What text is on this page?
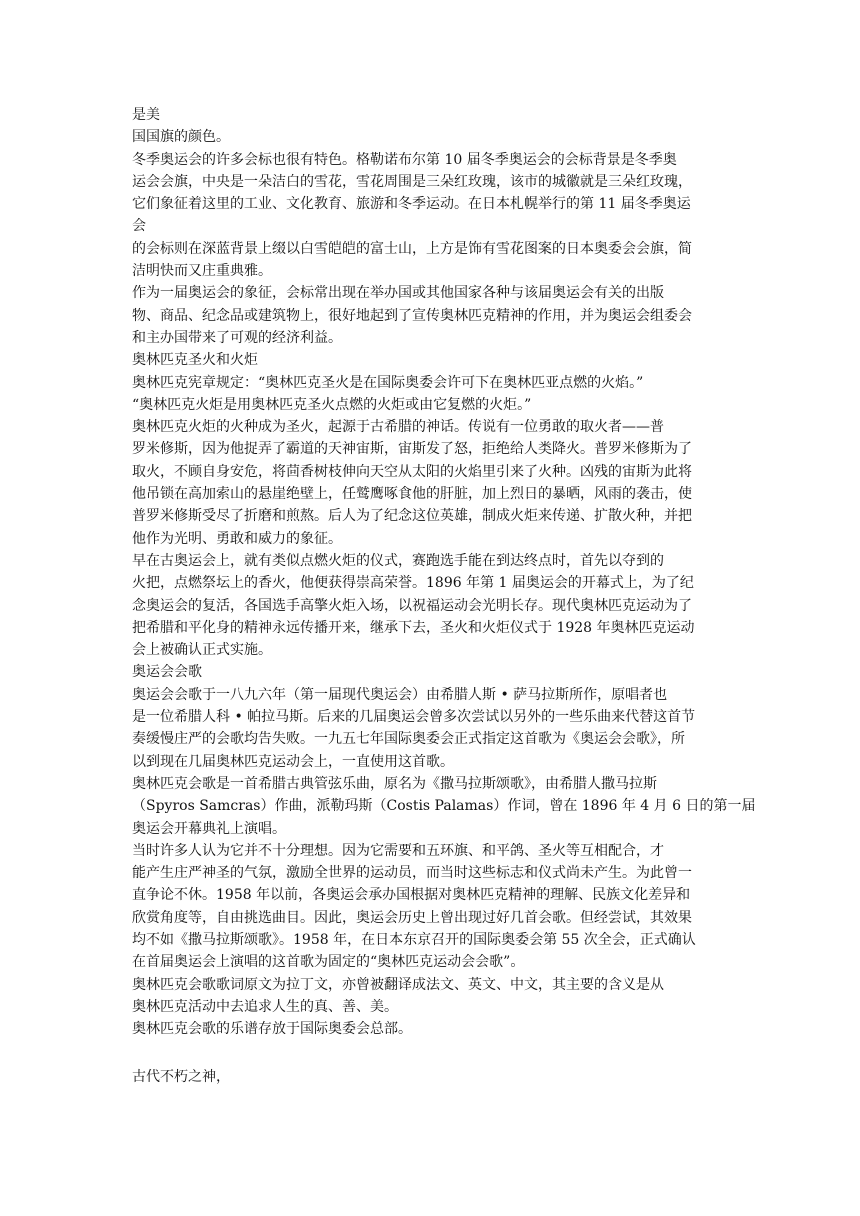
是美
国国旗的颜色。
冬季奥运会的许多会标也很有特色。格勒诺布尔第 10 届冬季奥运会的会标背景是冬季奥
运会会旗，中央是一朵洁白的雪花，雪花周围是三朵红玫瑰，该市的城徽就是三朵红玫瑰，
它们象征着这里的工业、文化教育、旅游和冬季运动。在日本札幌举行的第 11 届冬季奥运
会
的会标则在深蓝背景上缀以白雪皑皑的富士山，上方是饰有雪花图案的日本奥委会会旗，简
洁明快而又庄重典雅。
作为一届奥运会的象征，会标常出现在举办国或其他国家各种与该届奥运会有关的出版
物、商品、纪念品或建筑物上，很好地起到了宣传奥林匹克精神的作用，并为奥运会组委会
和主办国带来了可观的经济利益。
奥林匹克圣火和火炬
奥林匹克宪章规定：“奥林匹克圣火是在国际奥委会许可下在奥林匹亚点燃的火焰。”
“奥林匹克火炬是用奥林匹克圣火点燃的火炬或由它复燃的火炬。”
奥林匹克火炬的火种成为圣火，起源于古希腊的神话。传说有一位勇敢的取火者——普
罗米修斯，因为他捉弄了霸道的天神宙斯，宙斯发了怒，拒绝给人类降火。普罗米修斯为了
取火，不顾自身安危，将茴香树枝伸向天空从太阳的火焰里引来了火种。凶残的宙斯为此将
他吊锁在高加索山的悬崖绝壁上，任鹫鹰啄食他的肝脏，加上烈日的暴晒，风雨的袭击，使
普罗米修斯受尽了折磨和煎熬。后人为了纪念这位英雄，制成火炬来传递、扩散火种，并把
他作为光明、勇敢和威力的象征。
早在古奥运会上，就有类似点燃火炬的仪式，赛跑选手能在到达终点时，首先以夺到的
火把，点燃祭坛上的香火，他便获得崇高荣誉。1896 年第 1 届奥运会的开幕式上，为了纪
念奥运会的复活，各国选手高擎火炬入场，以祝福运动会光明长存。现代奥林匹克运动为了
把希腊和平化身的精神永远传播开来，继承下去，圣火和火炬仪式于 1928 年奥林匹克运动
会上被确认正式实施。
奥运会会歌
奥运会会歌于一八九六年（第一届现代奥运会）由希腊人斯 • 萨马拉斯所作，原唱者也
是一位希腊人科 • 帕拉马斯。后来的几届奥运会曾多次尝试以另外的一些乐曲来代替这首节
奏缓慢庄严的会歌均告失败。一九五七年国际奥委会正式指定这首歌为《奥运会会歌》，所
以到现在几届奥林匹克运动会上，一直使用这首歌。
奥林匹克会歌是一首希腊古典管弦乐曲，原名为《撒马拉斯颂歌》，由希腊人撒马拉斯
（Spyros Samcras）作曲，派勒玛斯（Costis Palamas）作词，曾在 1896 年 4 月 6 日的第一届
奥运会开幕典礼上演唱。
当时许多人认为它并不十分理想。因为它需要和五环旗、和平鸽、圣火等互相配合，才
能产生庄严神圣的气氛，激励全世界的运动员，而当时这些标志和仪式尚未产生。为此曾一
直争论不休。1958 年以前，各奥运会承办国根据对奥林匹克精神的理解、民族文化差异和
欣赏角度等，自由挑选曲目。因此，奥运会历史上曾出现过好几首会歌。但经尝试，其效果
均不如《撒马拉斯颂歌》。1958 年，在日本东京召开的国际奥委会第 55 次全会，正式确认
在首届奥运会上演唱的这首歌为固定的“奥林匹克运动会会歌”。
奥林匹克会歌歌词原文为拉丁文，亦曾被翻译成法文、英文、中文，其主要的含义是从
奥林匹克活动中去追求人生的真、善、美。
奥林匹克会歌的乐谱存放于国际奥委会总部。
古代不朽之神，
